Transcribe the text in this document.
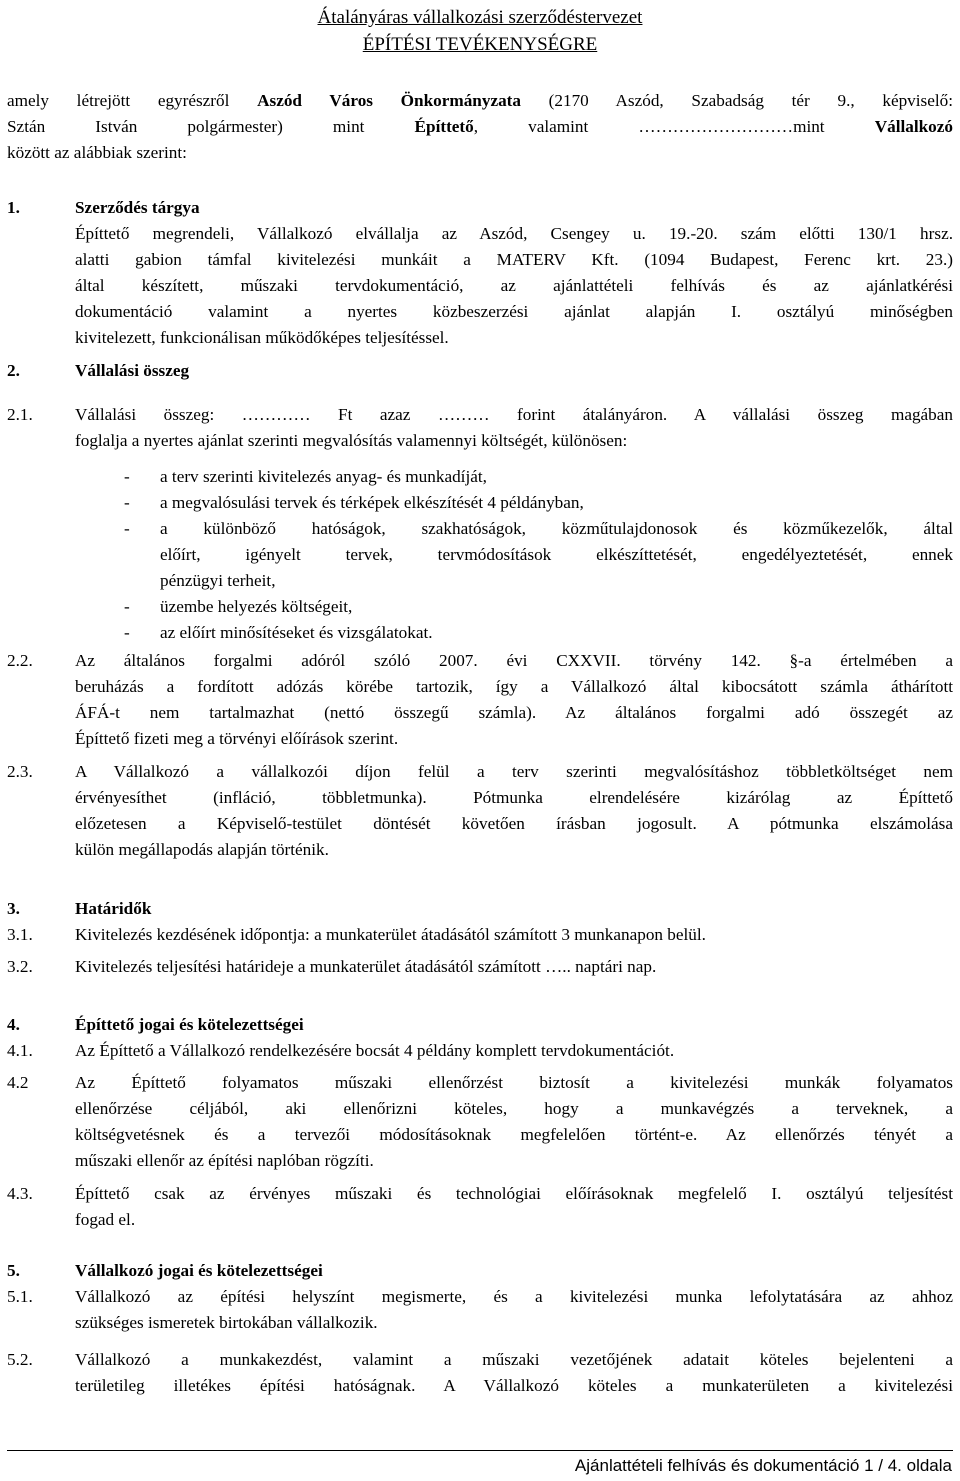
Átalányáras vállalkozási szerződéstervezet
ÉPÍTÉSI TEVÉKENYSÉGRE
amely létrejött egyrészről Aszód Város Önkormányzata (2170 Aszód, Szabadság tér 9., képviselő:
Sztán István polgármester) mint Építtető, valamint ………………………mint Vállalkozó
között az alábbiak szerint:
1.	Szerződés tárgya
Építtető megrendeli, Vállalkozó elvállalja az Aszód, Csengey u. 19.-20. szám előtti 130/1 hrsz.
alatti gabion támfal kivitelezési munkáit a MATERV Kft. (1094 Budapest, Ferenc krt. 23.)
által készített, műszaki tervdokumentáció, az ajánlattételi felhívás és az ajánlatkérési
dokumentáció valamint a nyertes közbeszerzési ajánlat alapján I. osztályú minőségben
kivitelezett, funkcionálisan működőképes teljesítéssel.
2.	Vállalási összeg
2.1. Vállalási összeg: ………… Ft azaz ……… forint átalányáron. A vállalási összeg magában
foglalja a nyertes ajánlat szerinti megvalósítás valamennyi költségét, különösen:
- a terv szerinti kivitelezés anyag- és munkadíját,
- a megvalósulási tervek és térképek elkészítését 4 példányban,
- a különböző hatóságok, szakhatóságok, közműtulajdonosok és közműkezelők, által
előírt, igényelt tervek, tervmódosítások elkészíttetését, engedélyeztetését, ennek
pénzügyi terheit,
- üzembe helyezés költségeit,
- az előírt minősítéseket és vizsgálatokat.
2.2. Az általános forgalmi adóról szóló 2007. évi CXXVII. törvény 142. §-a értelmében a
beruházás a fordított adózás körébe tartozik, így a Vállalkozó által kibocsátott számla áthárított
ÁFÁ-t nem tartalmazhat (nettó összegű számla). Az általános forgalmi adó összegét az
Építtető fizeti meg a törvényi előírások szerint.
2.3. A Vállalkozó a vállalkozói díjon felül a terv szerinti megvalósításhoz többletköltséget nem
érvényesíthet (infláció, többletmunka). Pótmunka elrendelésére kizárólag az Építtető
előzetesen a Képviselő-testület döntését követően írásban jogosult. A pótmunka elszámolása
külön megállapodás alapján történik.
3.	Határidők
3.1. Kivitelezés kezdésének időpontja: a munkaterület átadásától számított 3 munkanapon belül.
3.2. Kivitelezés teljesítési határideje a munkaterület átadásától számított ….. naptári nap.
4.	Építtető jogai és kötelezettségei
4.1. Az Építtető a Vállalkozó rendelkezésére bocsát 4 példány komplett tervdokumentációt.
4.2	Az Építtető folyamatos műszaki ellenőrzést biztosít a kivitelezési munkák folyamatos
ellenőrzése céljából, aki ellenőrizni köteles, hogy a munkavégzés a terveknek, a
költségvetésnek és a tervezői módosításoknak megfelelően történt-e. Az ellenőrzés tényét a
műszaki ellenőr az építési naplóban rögzíti.
4.3. Építtető csak az érvényes műszaki és technológiai előírásoknak megfelelő I. osztályú teljesítést
fogad el.
5.	Vállalkozó jogai és kötelezettségei
5.1. Vállalkozó az építési helyszínt megismerte, és a kivitelezési munka lefolytatására az ahhoz
szükséges ismeretek birtokában vállalkozik.
5.2. Vállalkozó a munkakezdést, valamint a műszaki vezetőjének adatait köteles bejelenteni a
területileg illetékes építési hatóságnak. A Vállalkozó köteles a munkaterületen a kivitelezési
Ajánlattételi felhívás és dokumentáció 1 / 4. oldala
